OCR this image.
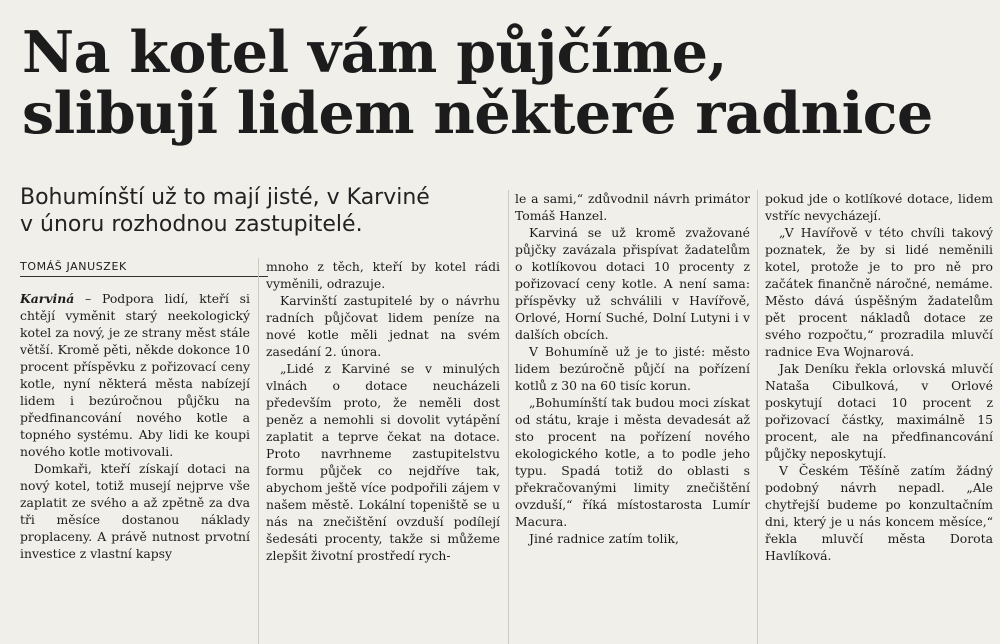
Na kotel vám půjčíme,
slibují lidem některé radnice
Bohumínští už to mají jisté, v Karviné
v únoru rozhodnou zastupitelé.
TOMÁŠ JANUSZEK

Karviná – Podpora lidí, kteří si chtějí vyměnit starý neekologický kotel za nový, je ze strany měst stále větší. Kromě pěti, někde dokonce 10 procent příspěvku z pořizovací ceny kotle, nyní některá města nabízejí lidem i bezúročnou půjčku na předfinancování nového kotle a topného systému. Aby lidi ke koupi nového kotle motivovali.

Domkaři, kteří získají dotaci na nový kotel, totiž musejí nejprve vše zaplatit ze svého a až zpětně za dva tři měsíce dostanou náklady proplaceny. A právě nutnost prvotní investice z vlastní kapsy

mnoho z těch, kteří by kotel rádi vyměnili, odrazuje.

Karvinští zastupitelé by o návrhu radních půjčovat lidem peníze na nové kotle měli jednat na svém zasedání 2. února.

„Lidé z Karviné se v minulých vlnách o dotace neucházeli především proto, že neměli dost peněz a nemohli si dovolit vytápění zaplatit a teprve čekat na dotace. Proto navrhneme zastupitelstvu formu půjček co nejdříve tak, abychom ještě více podpořili zájem v našem městě. Lokální topeniště se u nás na znečištění ovzduší podílejí šedesáti procenty, takže si můžeme zlepšit životní prostředí rych-

le a sami,“ zdůvodnil návrh primátor Tomáš Hanzel.

Karviná se už kromě zvažované půjčky zavázala přispívat žadatelům o kotlíkovou dotaci 10 procenty z pořizovací ceny kotle. A není sama: příspěvky už schválili v Havířově, Orlové, Horní Suché, Dolní Lutyni i v dalších obcích.

V Bohumíně už je to jisté: město lidem bezúročně půjčí na pořízení kotlů z 30 na 60 tisíc korun.

„Bohumínští tak budou moci získat od státu, kraje i města devadesát až sto procent na pořízení nového ekologického kotle, a to podle jeho typu. Spadá totiž do oblasti s překračovanými limity znečištění ovzduší,“ říká místostarosta Lumír Macura.

Jiné radnice zatím tolik,

pokud jde o kotlíkové dotace, lidem vstříc nevycházejí.

„V Havířově v této chvíli takový poznatek, že by si lidé neměnili kotel, protože je to pro ně pro začátek finančně náročné, nemáme. Město dává úspěšným žadatelům pět procent nákladů dotace ze svého rozpočtu,“ prozradila mluvčí radnice Eva Wojnarová.

Jak Deníku řekla orlovská mluvčí Nataša Cibulková, v Orlové poskytují dotaci 10 procent z pořizovací částky, maximálně 15 procent, ale na předfinancování půjčky neposkytují.

V Českém Těšíně zatím žádný podobný návrh nepadl. „Ale chytřejší budeme po konzultačním dni, který je u nás koncem měsíce,“ řekla mluvčí města Dorota Havlíková.
